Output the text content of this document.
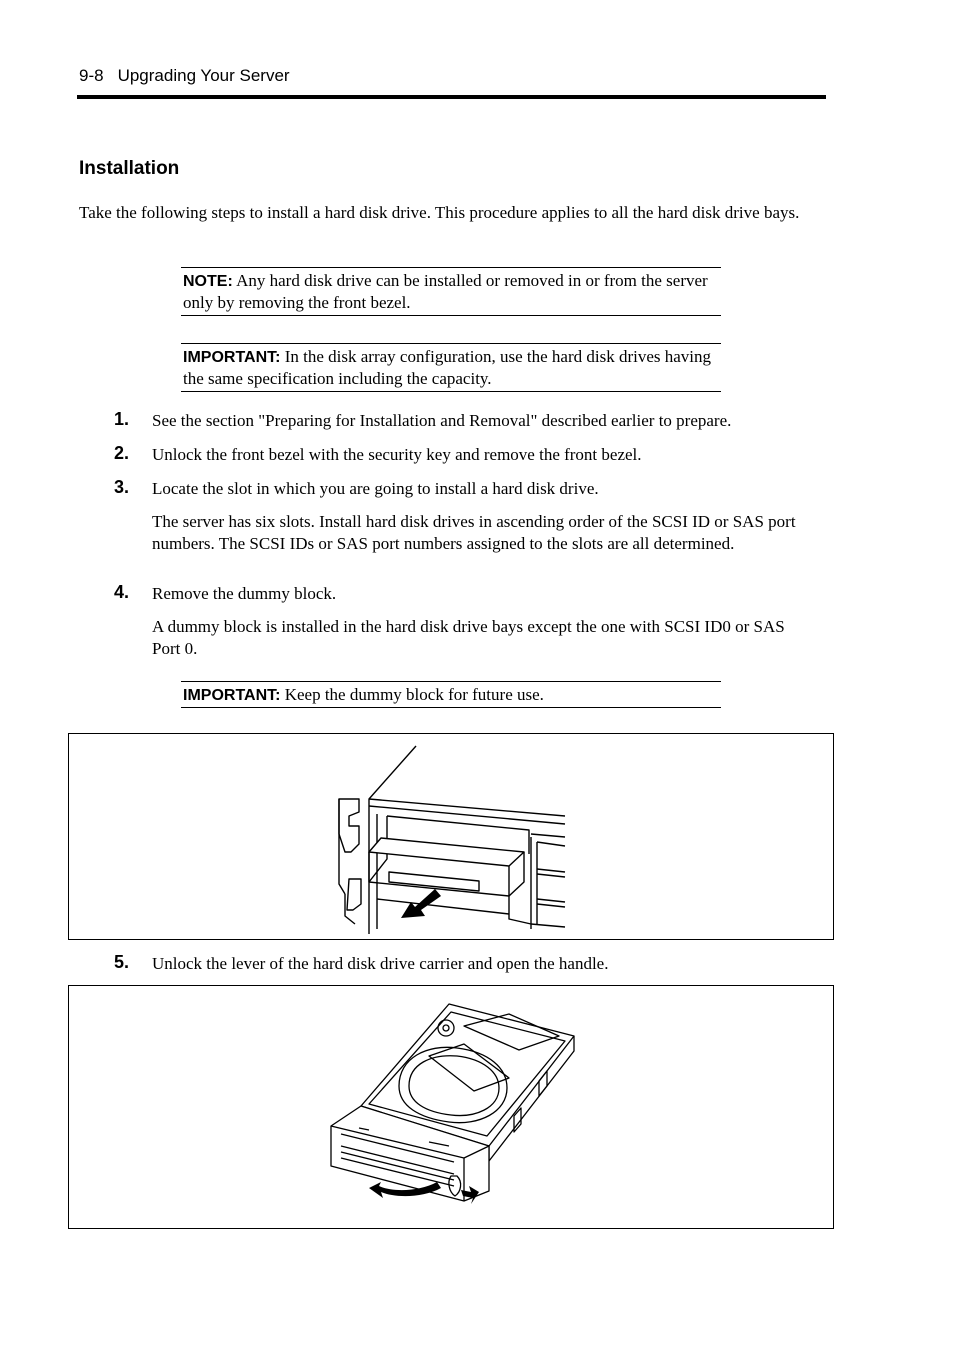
9-8 Upgrading Your Server
Installation

Take the following steps to install a hard disk drive. This procedure applies to all the hard disk drive bays.

NOTE: Any hard disk drive can be installed or removed in or from the server only by removing the front bezel.
IMPORTANT: In the disk array configuration, use the hard disk drives having the same specification including the capacity.
1. See the section "Preparing for Installation and Removal" described earlier to prepare.
2. Unlock the front bezel with the security key and remove the front bezel.
3. Locate the slot in which you are going to install a hard disk drive.
The server has six slots. Install hard disk drives in ascending order of the SCSI ID or SAS port numbers. The SCSI IDs or SAS port numbers assigned to the slots are all determined.
4. Remove the dummy block.
A dummy block is installed in the hard disk drive bays except the one with SCSI ID0 or SAS Port 0.
IMPORTANT: Keep the dummy block for future use.
5. Unlock the lever of the hard disk drive carrier and open the handle.
